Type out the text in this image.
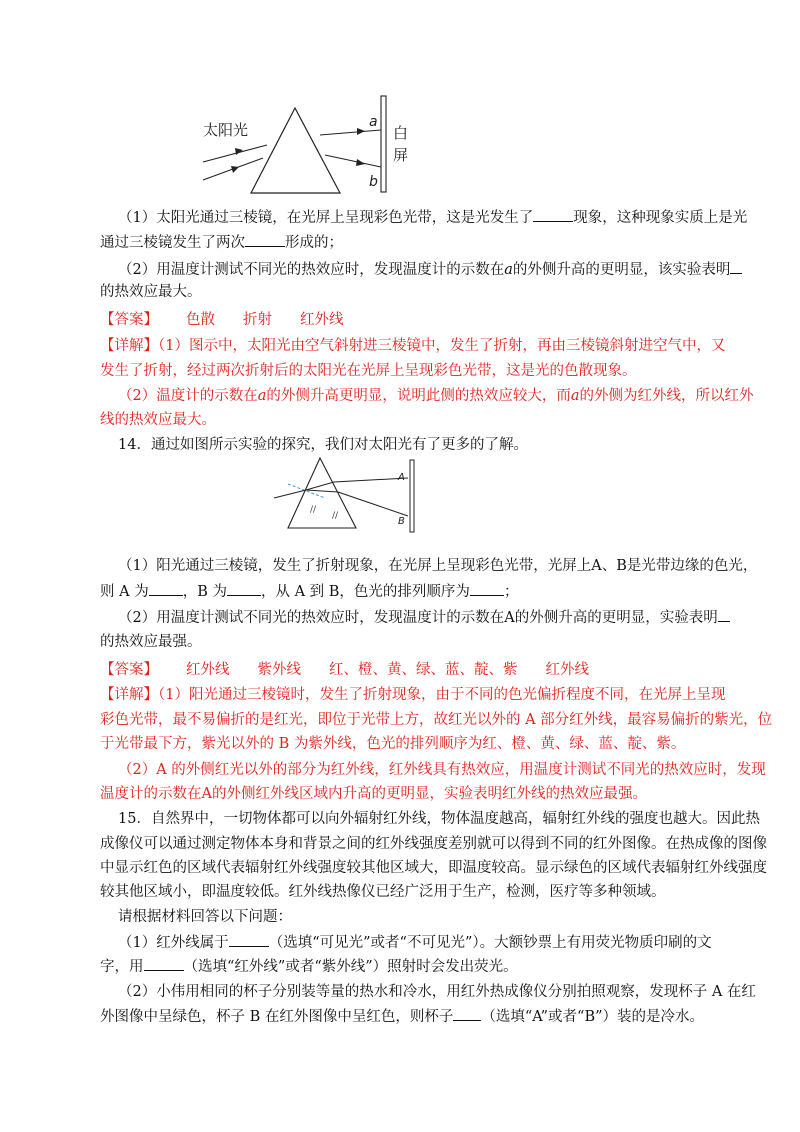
太阳光	a
b
白
屏
（1）太阳光通过三棱镜，在光屏上呈现彩色光带，这是光发生了	现象，这种现象实质上是光
通过三棱镜发生了两次	形成的；
（2）用温度计测试不同光的热效应时，发现温度计的示数在a的外侧升高的更明显，该实验表明
的热效应最大。
【答案】 色散 折射 红外线
【详解】（1）图示中，太阳光由空气斜射进三棱镜中，发生了折射，再由三棱镜斜射进空气中，又
发生了折射，经过两次折射后的太阳光在光屏上呈现彩色光带，这是光的色散现象。
（2）温度计的示数在a的外侧升高更明显，说明此侧的热效应较大，而a的外侧为红外线，所以红外
线的热效应最大。
14．通过如图所示实验的探究，我们对太阳光有了更多的了解。
//
//
A
B
（1）阳光通过三棱镜，发生了折射现象，在光屏上呈现彩色光带，光屏上A、B是光带边缘的色光，
则 A 为 ，B 为 ，从 A 到 B，色光的排列顺序为 ；
（2）用温度计测试不同光的热效应时，发现温度计的示数在A的外侧升高的更明显，实验表明
的热效应最强。
【答案】 红外线 紫外线 红、橙、黄、绿、蓝、靛、紫 红外线
【详解】（1）阳光通过三棱镜时，发生了折射现象，由于不同的色光偏折程度不同，在光屏上呈现
彩色光带，最不易偏折的是红光，即位于光带上方，故红光以外的 A 部分红外线，最容易偏折的紫光，位
于光带最下方，紫光以外的 B 为紫外线，色光的排列顺序为红、橙、黄、绿、蓝、靛、紫。
（2）A 的外侧红光以外的部分为红外线，红外线具有热效应，用温度计测试不同光的热效应时，发现
温度计的示数在A的外侧红外线区域内升高的更明显，实验表明红外线的热效应最强。
15．自然界中，一切物体都可以向外辐射红外线，物体温度越高，辐射红外线的强度也越大。因此热
成像仪可以通过测定物体本身和背景之间的红外线强度差别就可以得到不同的红外图像。在热成像的图像
中显示红色的区域代表辐射红外线强度较其他区域大，即温度较高。显示绿色的区域代表辐射红外线强度
较其他区域小，即温度较低。红外线热像仪已经广泛用于生产，检测，医疗等多种领域。
请根据材料回答以下问题：
（1）红外线属于	（选填“可见光”或者“不可见光”）。大额钞票上有用荧光物质印刷的文
字，用	（选填“红外线”或者“紫外线”）照射时会发出荧光。
（2）小伟用相同的杯子分别装等量的热水和冷水，用红外热成像仪分别拍照观察，发现杯子 A 在红
外图像中呈绿色，杯子 B 在红外图像中呈红色，则杯子 （选填“A”或者“B”）装的是冷水。
